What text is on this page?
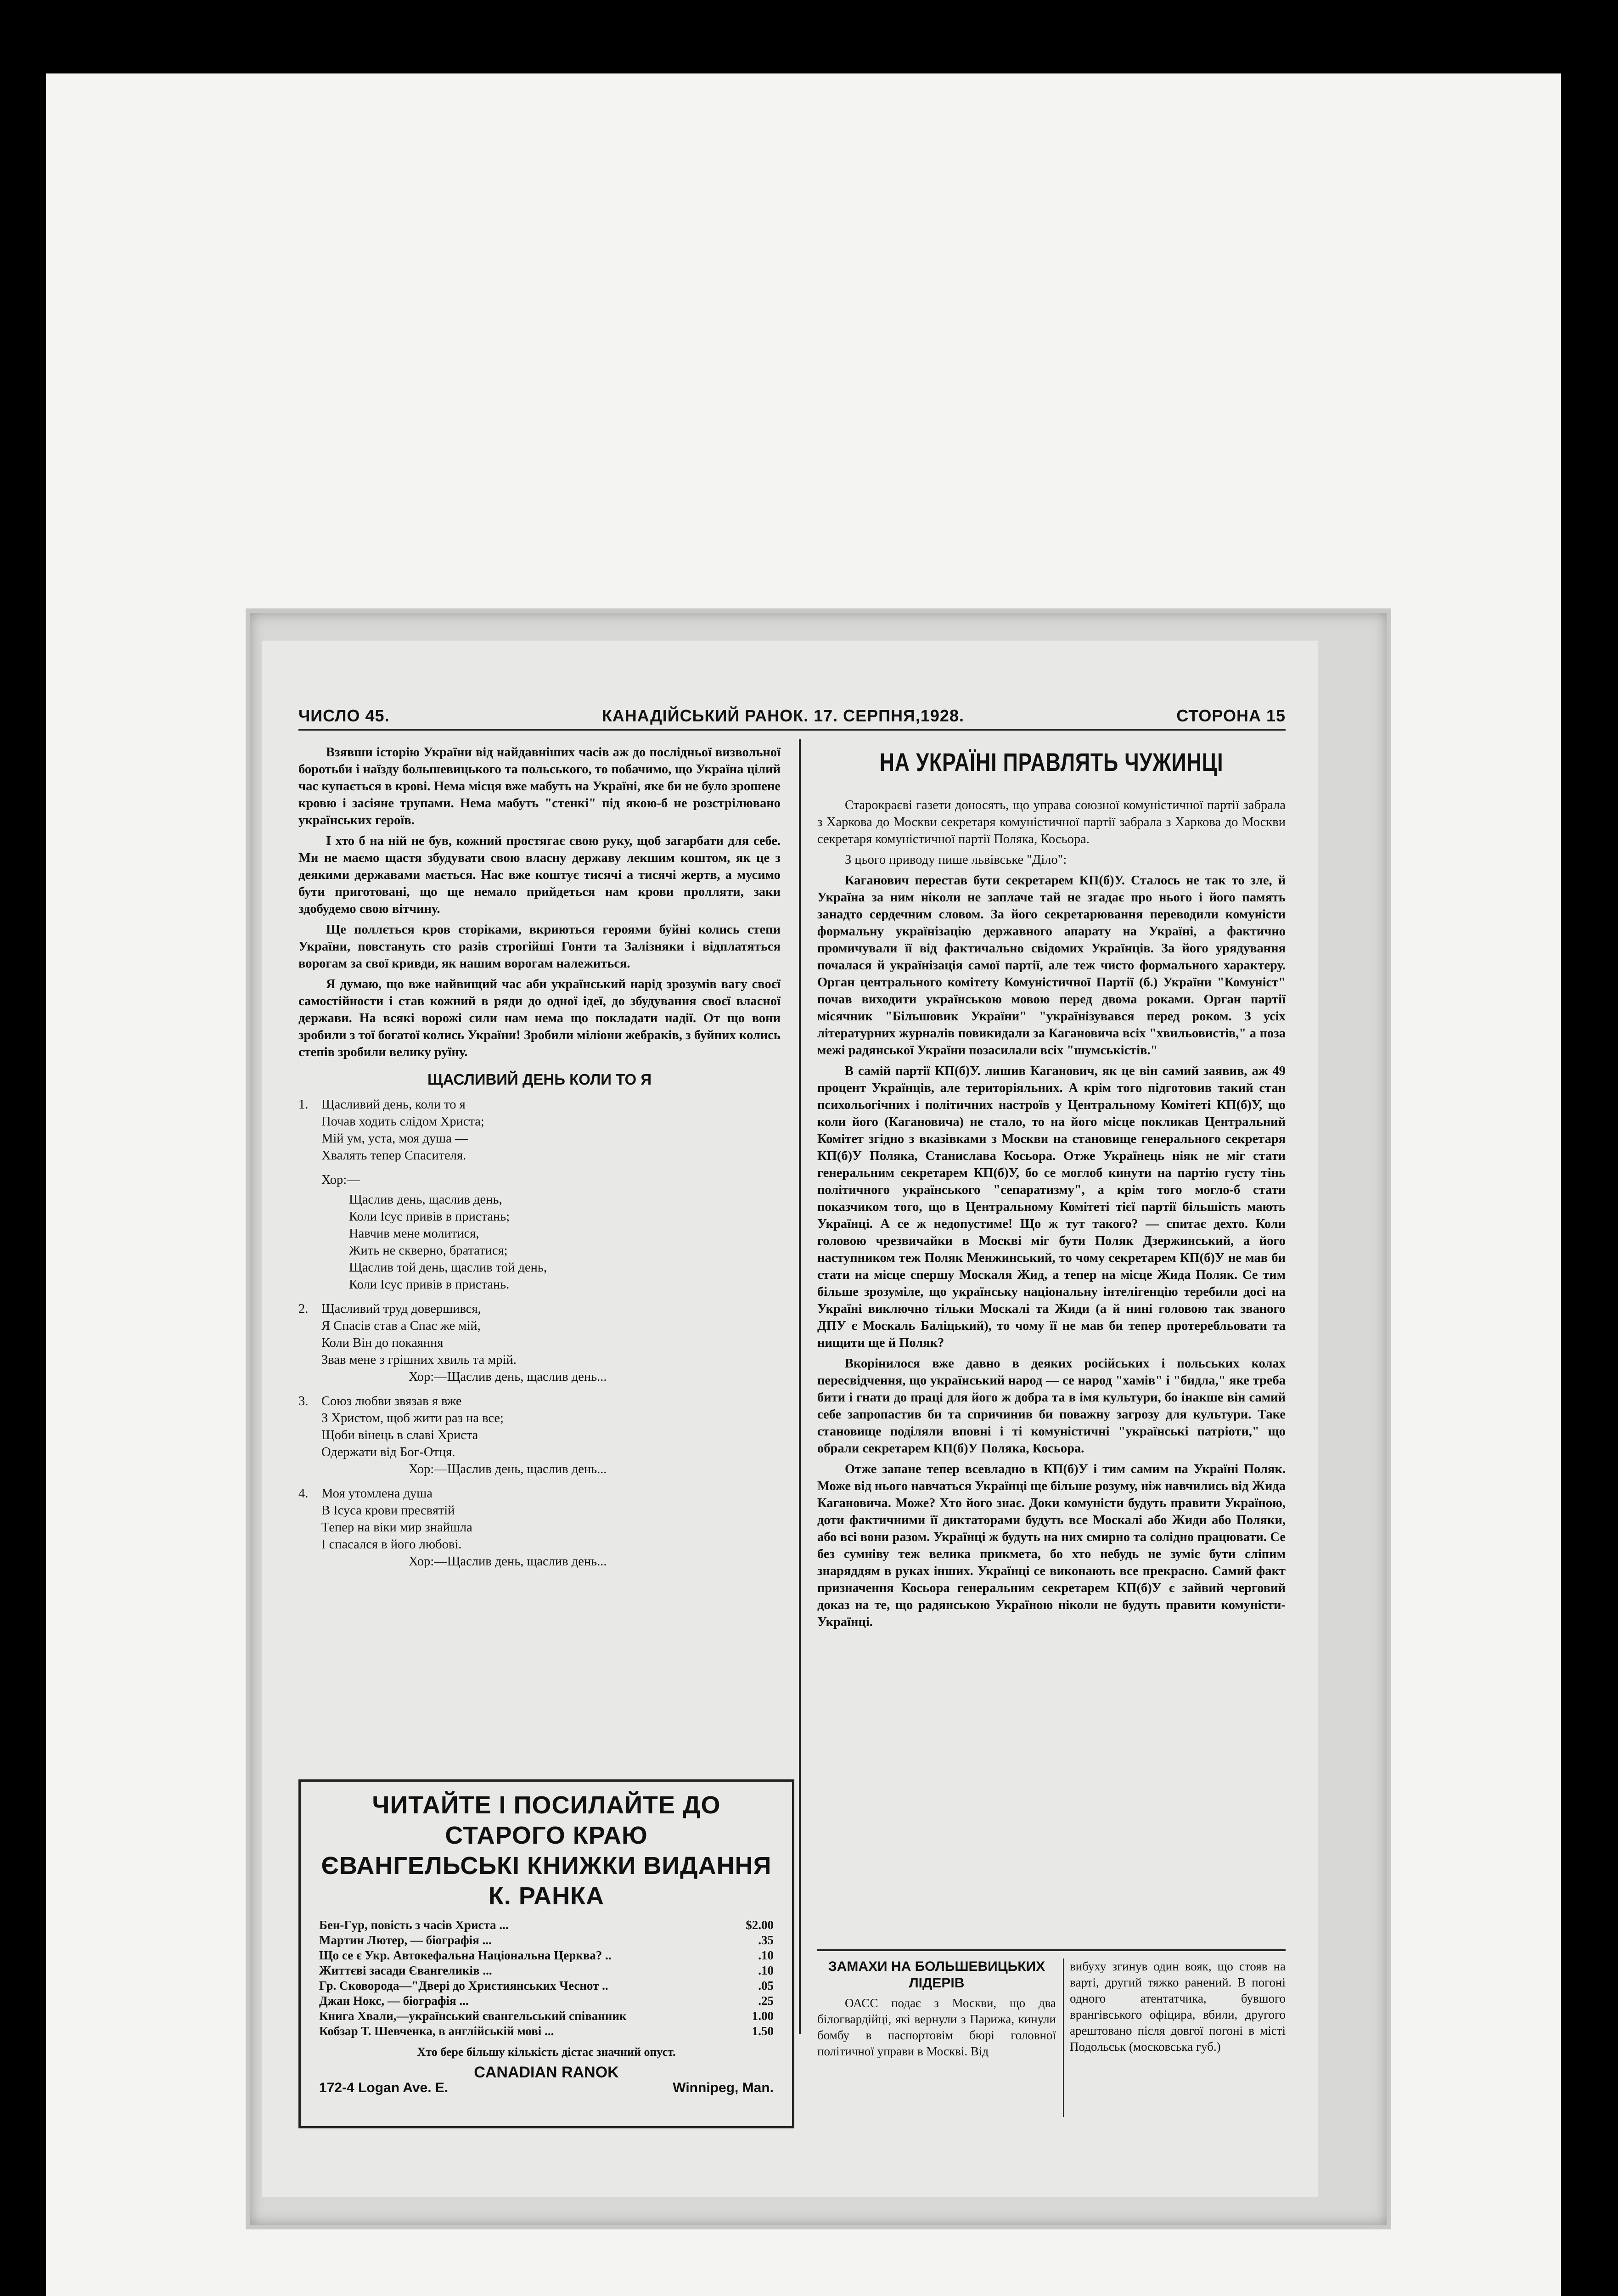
ЧИСЛО 45.	КАНАДІЙСЬКИЙ РАНОК. 17. СЕРПНЯ,1928.	СТОРОНА 15

Взявши історію України від найдавніших часів аж до послідньої визвольної боротьби і наїзду большевицького та польського, то побачимо, що Україна цілий час купається в крові. Нема місця вже мабуть на Україні, яке би не було зрошене кровю і засіяне трупами. Нема мабуть "стенкі" під якою-б не розстрілювано українських героїв.

І хто б на ній не був, кожний простягає свою руку, щоб загарбати для себе. Ми не маємо щастя збудувати свою власну державу лекшим коштом, як це з деякими державами мається. Нас вже коштує тисячі а тисячі жертв, а мусимо бути приготовані, що ще немало прийдеться нам крови пролляти, заки здобудемо свою вітчину.

Ще поллється кров сторіками, вкриються героями буйні колись степи України, повстануть сто разів строгійші Гонти та Залізняки і відплатяться ворогам за свої кривди, як нашим ворогам належиться.

Я думаю, що вже найвищий час аби український нарід зрозумів вагу своєї самостійности і став кожний в ряди до одної ідеї, до збудування своєї власної держави. На всякі ворожі сили нам нема що покладати надії. От що вони зробили з тої богатої колись України! Зробили міліони жебраків, з буйних колись степів зробили велику руїну.

ЩАСЛИВИЙ ДЕНЬ КОЛИ ТО Я
1. Щасливий день, коли то я
Почав ходить слідом Христа;
Мій ум, уста, моя душа —
Хвалять тепер Спасителя.
Хор:—
Щаслив день, щаслив день,
Коли Ісус привів в пристань;
Навчив мене молитися,
Жить не скверно, брататися;
Щаслив той день, щаслив той день,
Коли Ісус привів в пристань.
2. Щасливий труд довершився,
Я Спасів став а Спас же мій,
Коли Він до покаяння
Звав мене з грішних хвиль та мрій.
Хор:—Щаслив день, щаслив день...
3. Союз любви звязав я вже
З Христом, щоб жити раз на все;
Щоби вінець в славі Христа
Одержати від Бог-Отця.
Хор:—Щаслив день, щаслив день...
4. Моя утомлена душа
В Ісуса крови пресвятій
Тепер на віки мир знайшла
І спасался в його любові.
Хор:—Щаслив день, щаслив день...
ЧИТАЙТЕ І ПОСИЛАЙТЕ ДО СТАРОГО КРАЮ
ЄВАНГЕЛЬСЬКІ КНИЖКИ ВИДАННЯ К. РАНКА
Бен-Гур, повість з часів Христа ...	$2.00
Мартин Лютер, — біографія ...	.35
Що се є Укр. Автокефальна Національна Церква? ..	.10
Життєві засади Євангеликів ...	.10
Гр. Сковорода—"Двері до Християнських Чеснот ..	.05
Джан Нокс, — біографія ...	.25
Книга Хвали,—український євангельський співанник	1.00
Кобзар Т. Шевченка, в англійській мові ...	1.50
Хто бере більшу кількість дістає значний опуст.
CANADIAN RANOK
172-4 Logan Ave. E.	Winnipeg, Man.
НА УКРАЇНІ ПРАВЛЯТЬ ЧУЖИНЦІ

Старокраєві газети доносять, що управа союзної комуністичної партії забрала з Харкова до Москви секретаря комуністичної партії забрала з Харкова до Москви секретаря комуністичної партії Поляка, Косьора.

З цього приводу пише львівське "Діло":

Каганович перестав бути секретарем КП(б)У. Сталось не так то зле, й Україна за ним ніколи не заплаче тай не згадає про нього і його память занадто сердечним словом. За його секретарювання переводили комуністи формальну українізацію державного апарату на Україні, а фактично промичували її від фактичально свідомих Українців. За його урядування почалася й українізація самої партії, але теж чисто формального характеру. Орган центрального комітету Комуністичної Партії (б.) України "Комуніст" почав виходити українською мовою перед двома роками. Орган партії місячник "Більшовик України" "українізувався перед роком. З усіх літературних журналів повикидали за Кагановича всіх "хвильовистів," а поза межі радянської України позасилали всіх "шумськістів."

В самій партії КП(б)У. лишив Каганович, як це він самий заявив, аж 49 процент Українців, але територіяльних. А крім того підготовив такий стан психольогічних і політичних настроїв у Центральному Комітеті КП(б)У, що коли його (Кагановича) не стало, то на його місце покликав Центральний Комітет згідно з вказівками з Москви на становище генерального секретаря КП(б)У Поляка, Станислава Косьора. Отже Українець ніяк не міг стати генеральним секретарем КП(б)У, бо се моглоб кинути на партію густу тінь політичного українського "сепаратизму", а крім того могло-б стати показчиком того, що в Центральному Комітеті тієї партії більшість мають Українці. А се ж недопустиме! Що ж тут такого? — спитає дехто. Коли головою чрезвичайки в Москві міг бути Поляк Дзержинський, а його наступником теж Поляк Менжинський, то чому секретарем КП(б)У не мав би стати на місце спершу Москаля Жид, а тепер на місце Жида Поляк. Се тим більше зрозуміле, що українську національну інтелігенцію теребили досі на Україні виключно тільки Москалі та Жиди (а й нині головою так званого ДПУ є Москаль Баліцький), то чому її не мав би тепер протеребльовати та нищити ще й Поляк?

Вкорінилося вже давно в деяких російських і польських колах пересвідчення, що український народ — се народ "хамів" і "бидла," яке треба бити і гнати до праці для його ж добра та в імя культури, бо інакше він самий себе запропастив би та спричинив би поважну загрозу для культури. Таке становище поділяли вповні і ті комуністичні "українські патріоти," що обрали секретарем КП(б)У Поляка, Косьора.

Отже запане тепер всевладно в КП(б)У і тим самим на Україні Поляк. Може від нього навчаться Українці ще більше розуму, ніж навчились від Жида Кагановича. Може? Хто його знає. Доки комуністи будуть правити Україною, доти фактичними її диктаторами будуть все Москалі або Жиди або Поляки, або всі вони разом. Українці ж будуть на них смирно та солідно працювати. Се без сумніву теж велика прикмета, бо хто небудь не зуміє бути сліпим знаряддям в руках інших. Українці се виконають все прекрасно. Самий факт призначення Косьора генеральним секретарем КП(б)У є зайвий черговий доказ на те, що радянською Україною ніколи не будуть правити комуністи-Українці.

ЗАМАХИ НА БОЛЬШЕВИЦЬКИХ ЛІДЕРІВ

ОАСС подає з Москви, що два білогвардійці, які вернули з Парижа, кинули бомбу в паспортовім бюрі головної політичної управи в Москві. Від

вибуху згинув один вояк, що стояв на варті, другий тяжко ранений. В погоні одного атентатчика, бувшого врангівського офіцира, вбили, другого арештовано після довгої погоні в місті Подольськ (московська губ.)
